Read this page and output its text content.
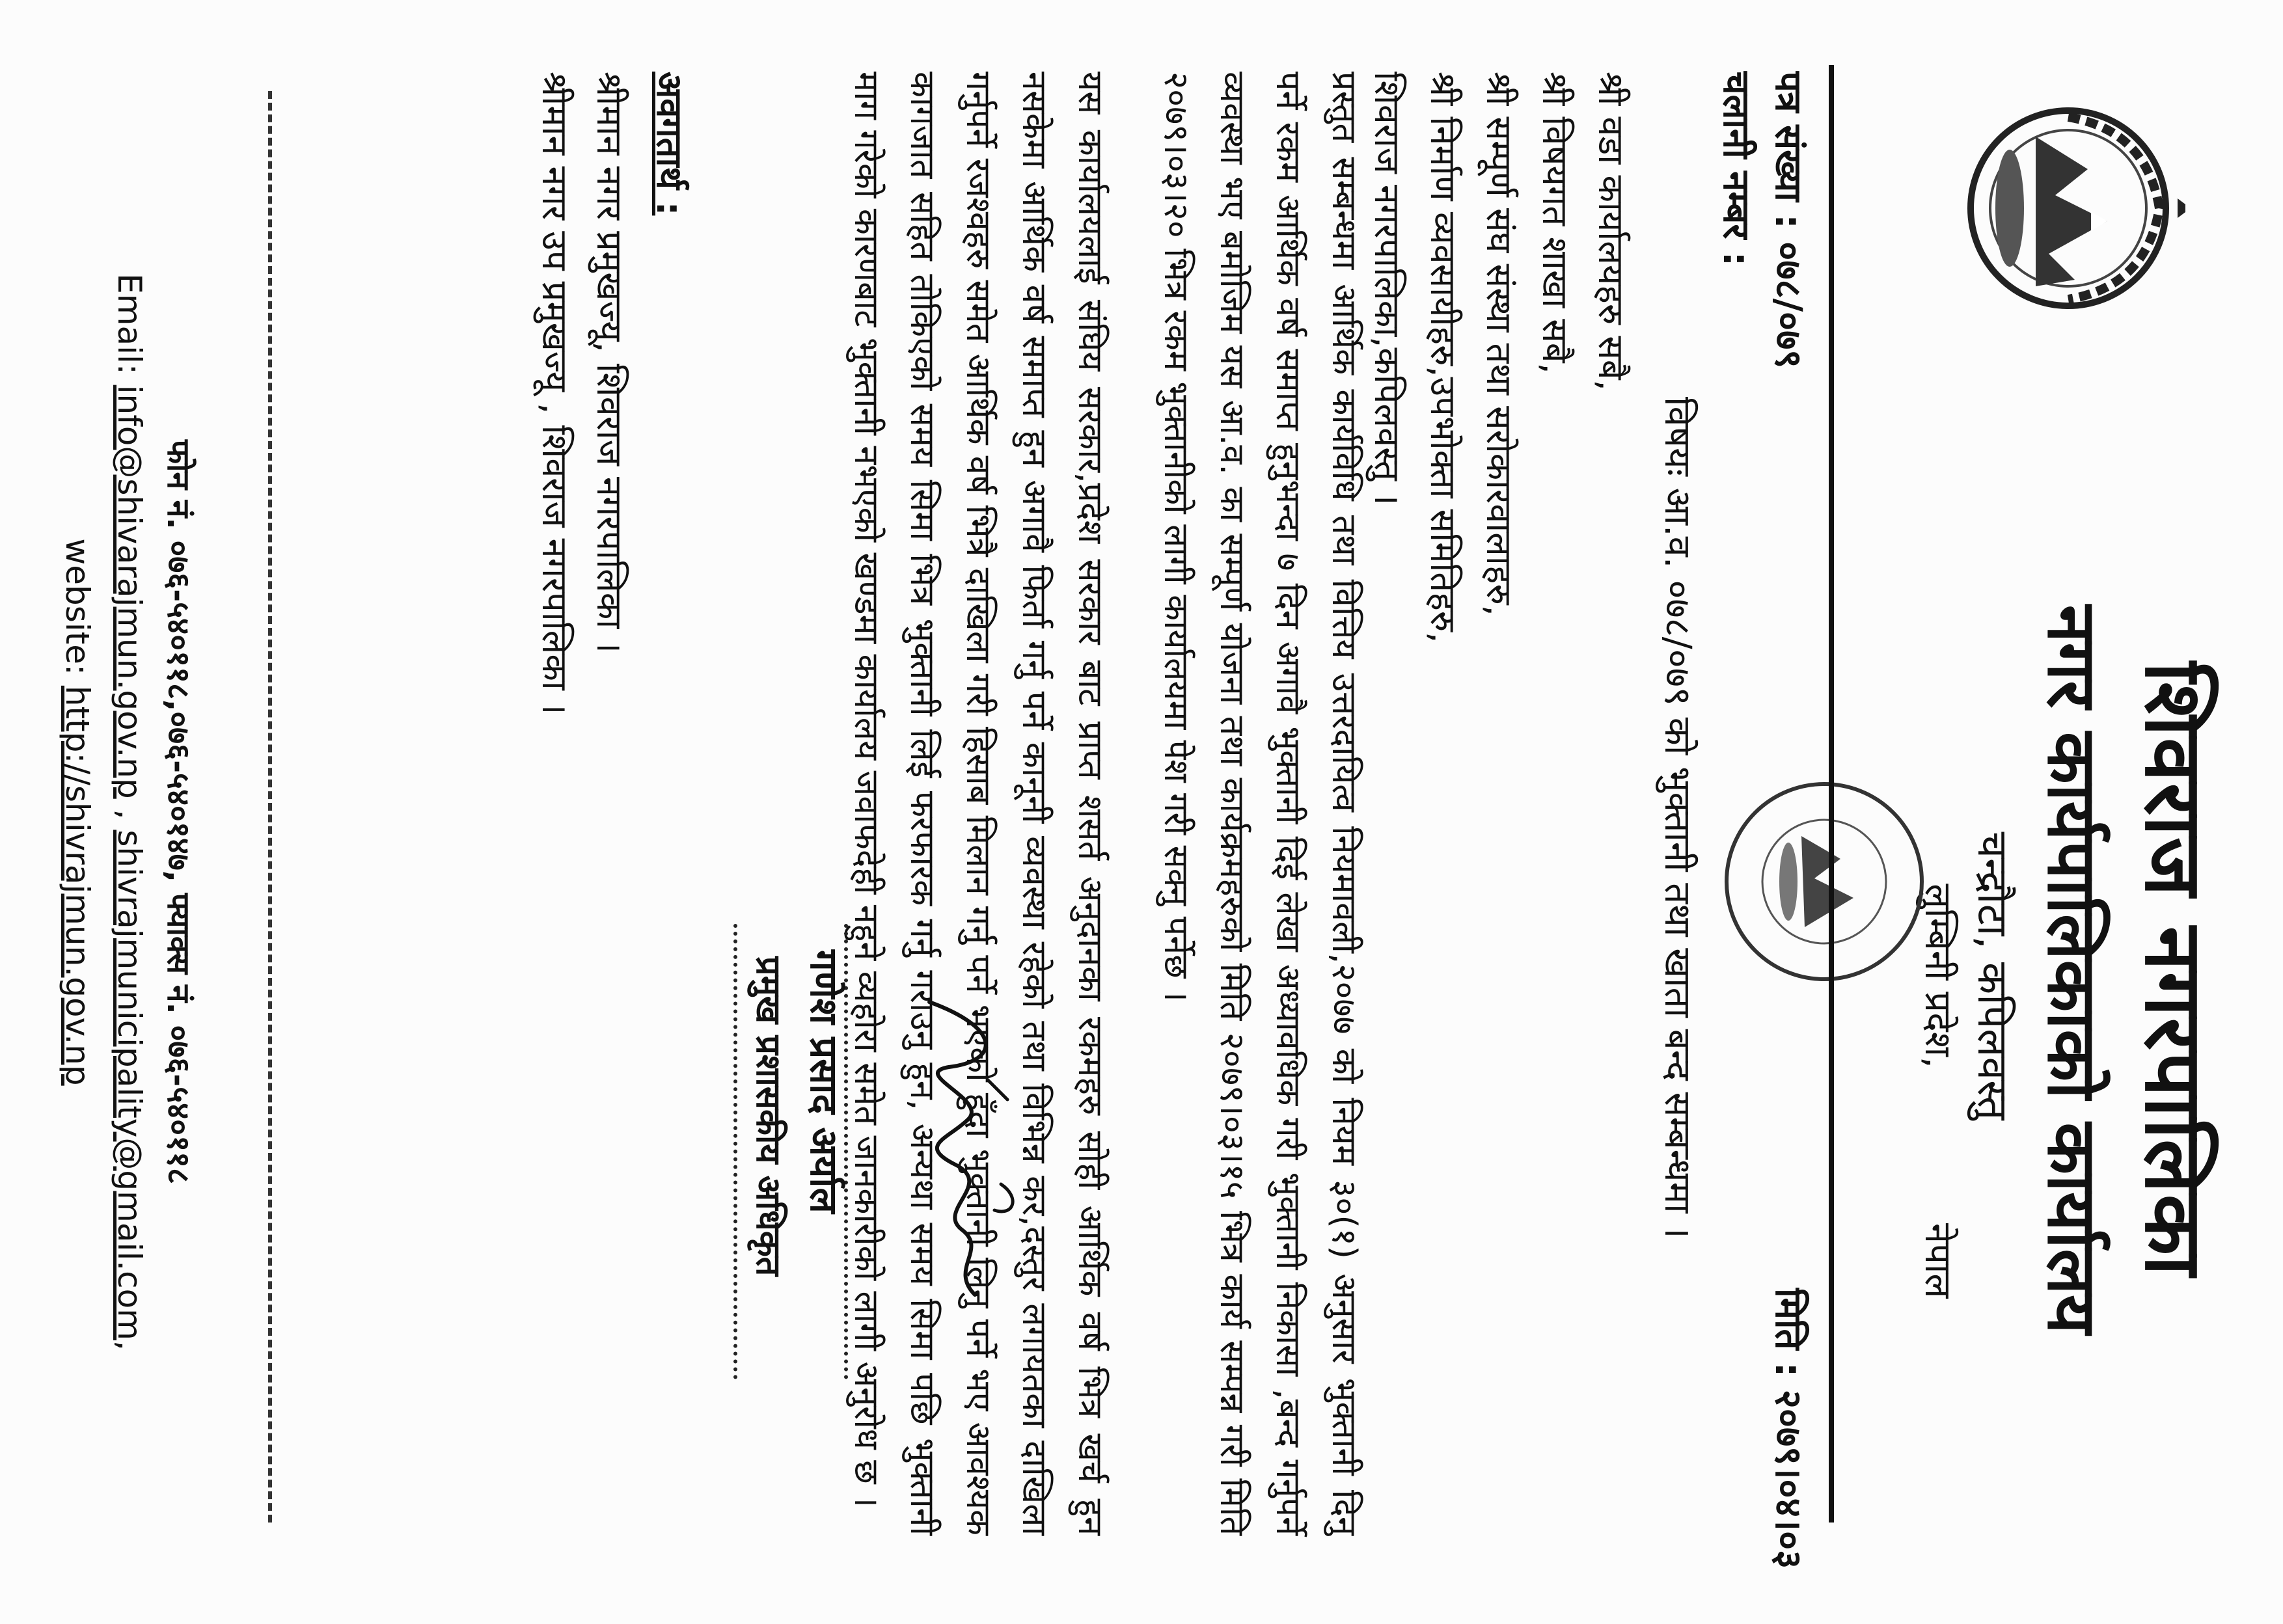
शिवराज नगरपालिका
नगर कार्यपालिकाको कार्यालय
चन्द्रौटा, कपिलवस्तु
लुम्बिनी प्रदेश,
नेपाल
पत्र संख्या : ०७८/०७९
चलानी नम्बर :
मिति : २०७९।०४।०३
विषयः आ.व. ०७८/०७९ को भुक्तानी तथा खाता बन्द सम्बन्धमा ।
श्री वडा कार्यालयहरु सबै,
श्री विषयगत शाखा सबै,
श्री सम्पूर्ण संघ संस्था तथा सरोकारवालाहरु,
श्री निर्माण व्यवसायीहरु,उपभोक्ता समितिहरु,
शिवराज नगरपालिका,कपिलवस्तु ।

प्रस्तुत सम्बन्धमा आर्थिक कार्यविधि तथा वित्तिय उत्तरदायित्व नियमावली,२०७७ को नियम ३०(१) अनुसार भुक्तानी दिनु पर्ने रकम आर्थिक वर्ष समाप्त हुनुभन्दा ७ दिन अगावै भुक्तानी दिई लेखा अध्यावधिक गरी भुक्तानी निकासा ,बन्द गर्नुपर्ने व्यवस्था भए बमोजिम यस आ.व. का सम्पूर्ण योजना तथा कार्यक्रमहरुको मिति २०७९।०३।१५ भित्र कार्य सम्पन्न गरी मिति २०७९।०३।२० भित्र रकम भुक्तानीको लागी कार्यालयमा पेश गरी सक्नु पर्नेछ ।

यस कार्यालयलाई संघिय सरकार,प्रदेश सरकार बाट प्राप्त शसर्त अनुदानका रकमहरु सोही आर्थिक वर्ष भित्र खर्च हुन नसकेमा आर्थिक वर्ष समाप्त हुन अगावै फिर्ता गर्नु पर्ने कानूनी व्यवस्था रहेको तथा विभिन्न कर,दस्तुर लगायतका दाखिला गर्नुपर्ने रजश्वहरु समेत आर्थिक वर्ष भित्रै दाखिला गरी हिसाब मिलान गर्नु पर्ने भएको हुँदा भुक्तानी लिनु पर्ने भए आवश्यक कागजात सहित तोकिएको समय सिमा भित्र भुक्तानी लिई फरफारक गर्नु गराउनु हुन, अन्यथा समय सिमा पछि भुक्तानी माग गरेको कारणबाट भुक्तानी नभएको खण्डमा कार्यालय जवाफदेही नहुने व्यहोरा समेत जानकारीको लागी अनुरोध छ ।

गणेश प्रसाद अर्याल
प्रमुख प्रशासकीय अधिकृत
अवगतार्थ :
श्रीमान नगर प्रमुखज्यू, शिवराज नगरपालिका ।
श्रीमान नगर उप प्रमुखज्यू , शिवराज नगरपालिका ।
फोन नं. ०७६-५४०११८,०७६-५४०१४७, फ्याक्स नं. ०७६-५४०११८
Email: info@shivarajmun.gov.np , shivrajmunicipality@gmail.com,
website: http://shivrajmun.gov.np
